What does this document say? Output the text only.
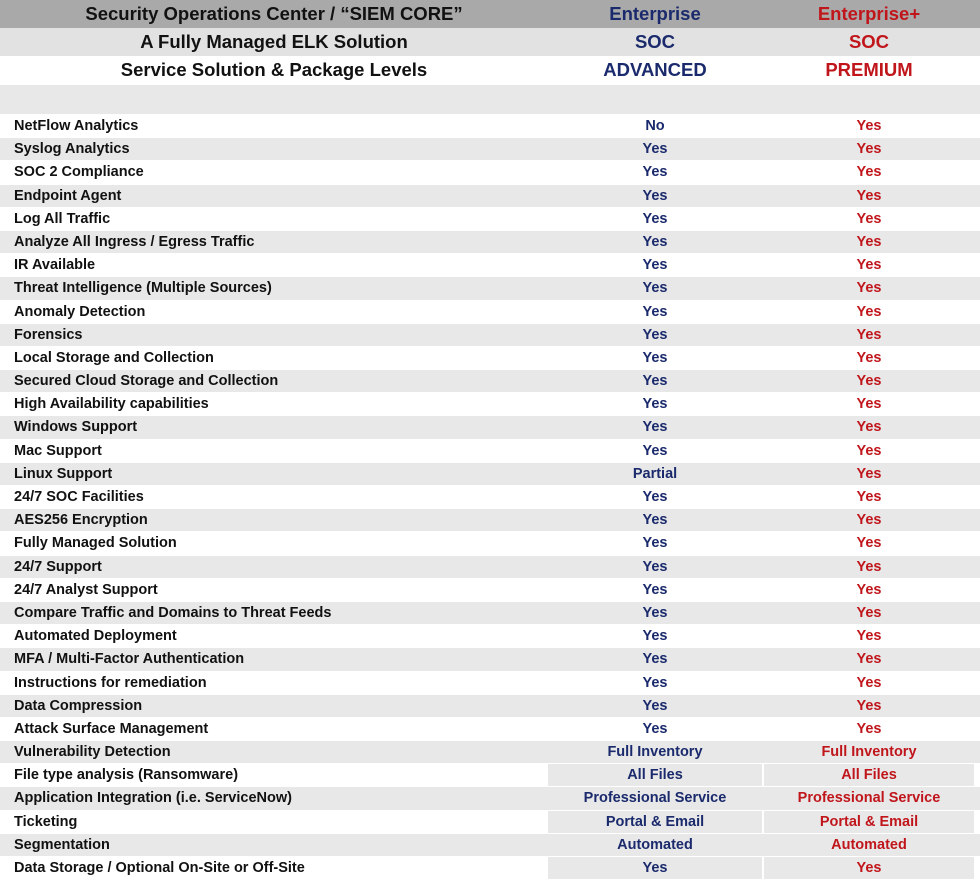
Security Operations Center / “SIEM CORE”	Enterprise	Enterprise+
A Fully Managed ELK Solution	SOC	SOC
Service Solution & Package Levels	ADVANCED	PREMIUM
NetFlow Analytics	No	Yes
Syslog Analytics	Yes	Yes
SOC 2 Compliance	Yes	Yes
Endpoint Agent	Yes	Yes
Log All Traffic	Yes	Yes
Analyze All Ingress / Egress Traffic	Yes	Yes
IR Available	Yes	Yes
Threat Intelligence (Multiple Sources)	Yes	Yes
Anomaly Detection	Yes	Yes
Forensics	Yes	Yes
Local Storage and Collection	Yes	Yes
Secured Cloud Storage and Collection	Yes	Yes
High Availability capabilities	Yes	Yes
Windows Support	Yes	Yes
Mac Support	Yes	Yes
Linux Support	Partial	Yes
24/7 SOC Facilities	Yes	Yes
AES256 Encryption	Yes	Yes
Fully Managed Solution	Yes	Yes
24/7 Support	Yes	Yes
24/7 Analyst Support	Yes	Yes
Compare Traffic and Domains to Threat Feeds	Yes	Yes
Automated Deployment	Yes	Yes
MFA / Multi-Factor Authentication	Yes	Yes
Instructions for remediation	Yes	Yes
Data Compression	Yes	Yes
Attack Surface Management	Yes	Yes
Vulnerability Detection	Full Inventory	Full Inventory
File type analysis (Ransomware)	All Files	All Files
Application Integration (i.e. ServiceNow)	Professional Service	Professional Service
Ticketing	Portal & Email	Portal & Email
Segmentation	Automated	Automated
Data Storage / Optional On-Site or Off-Site	Yes	Yes
